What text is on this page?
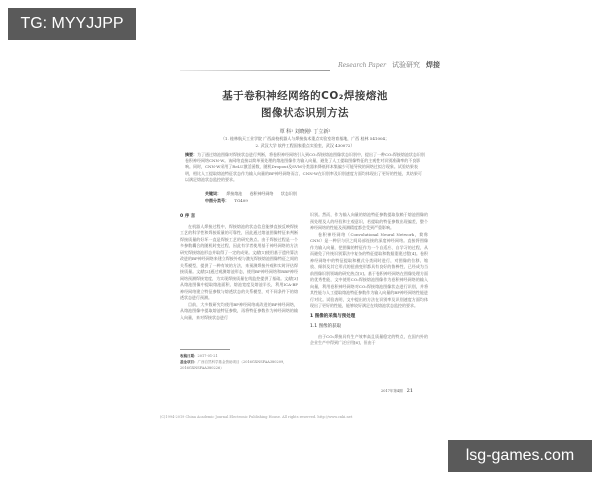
TG: MYYJJPP
Research Paper 试验研究 焊接
基于卷积神经网络的CO₂焊接熔池
图像状态识别方法
覃 科¹ 刘晓刚¹ 丁立新²
（1. 桂林航天工业学院 广西高校机器人与焊接技术重点实验室培育基地，广西 桂林 541004；
2. 武汉大学 软件工程国家重点实验室，武汉 430072）
摘要：为了通过熔池图像对焊接状态进行判断，将卷积神经网络引入到CO₂焊接熔池图像状态识别中，提出了一种CO₂焊接熔池状态识别卷积神经网络CNN-W。该网络直接以简单预处理的熔池图像作为输入向量，避免了人工提取图像特征的主观性对识别准确率的不良影响。同时，CNN-W采用了ReLU激活函数，随机Dropout及SVM分类器来降低样本集偏少可能导致的网络过拟合现象。试验结果表明，相比人工提取熔池特征状态作为输入向量的BP神经网络而言，CNN-W在识别率及识别速度方面均体现出了更好的性能，其结果可以满足熔池状态监控的要求。
关键词： 焊接熔池 卷积神经网络 状态识别
中图分类号： TG409
0 序 言

在机器人焊接过程中，焊接熔池的状态信息能够直接反映焊接工艺的科学性和焊接质量的可靠性，因此通过熔池图像特征来判断焊接质量的好坏一直是焊接工艺的研究热点。由于焊接过程是一个多参数耦合的随机时变过程，因此有学者使用基于神经网络的方法研究焊接熔池形态并取得了一定的成果。文献[1]使用基于遗传算法改进的BP神经网络来建立焊接外观与激光焊接熔池图像特征之间的关系模型，提供了一种有效的方法，来预测焊接外观和实时评估焊接质量。文献[2]通过观测熔池形态，使用BP神经网络和RBF神经网络预测焊接宽度，为实现焊接质量在线监控提供了基础。文献[3]从熔池图像中提取熔池面积、熔池宽度及熔池半长，利用ICA-BP神经网络建立特征参数与熔透状态的关系模型，对不同条件下的熔透状态进行预测。

目前，大多数研究均使用BP神经网络或改进的BP神经网络，从熔池图像中提取熔池特征参数，再将特征参数作为神经网络的输入向量，来对焊接状态进行

识别。然而，作为输入向量的熔池特征参数提取依赖于熔池图像的预处理及人的经验和主观意识，若提取的特征参数出现偏差，整个神经网络的性能及预测精度都会受到严重影响。

卷积神经网络（Convolutional Neural Network，简称CNN）是一种层与层之间局部连接的深度神经网络。直接将图像作为输入向量，把图像的特征作为一个自适应、自学习的过程，从而避免了传统识别算法中复杂的特征提取和数据重建过程[4]。卷积神经网络中的特征提取和模式分类同时进行，对图像的位移、缩放、倾斜及其它形式的扭曲变形都具有良好的鲁棒性，已经成为当前图像识别领域的研究热点[5]。基于卷积神经网络在图像处理方面的优秀性能，文中使用CO₂焊接熔池图像作为卷积神经网络的输入向量，利用卷积神经网络对CO₂焊接熔池图像状态进行识别，并将其性能与人工提取熔池特征参数作为输入向量的BP神经网络性能进行对比。试验表明，文中提出的方法在识别率及识别速度方面均体现出了更好的性能，能够较好满足在线熔池状态监控的要求。

1 图像的采集与预处理
1.1 图像的获取

由于CO₂焊接具有生产效率高且质量稳定的特点，在国内外的企业生产中得到广泛应用[6]，但由于

收稿日期：2017-01-21
基金项目：广西自然科学基金资助项目（2016GXNSFAA380209，2016GXNSFAA380226）
2017年第4期 21
(C)1994-2019 China Academic Journal Electronic Publishing House. All rights reserved. http://www.cnki.net
lsg-games.com
